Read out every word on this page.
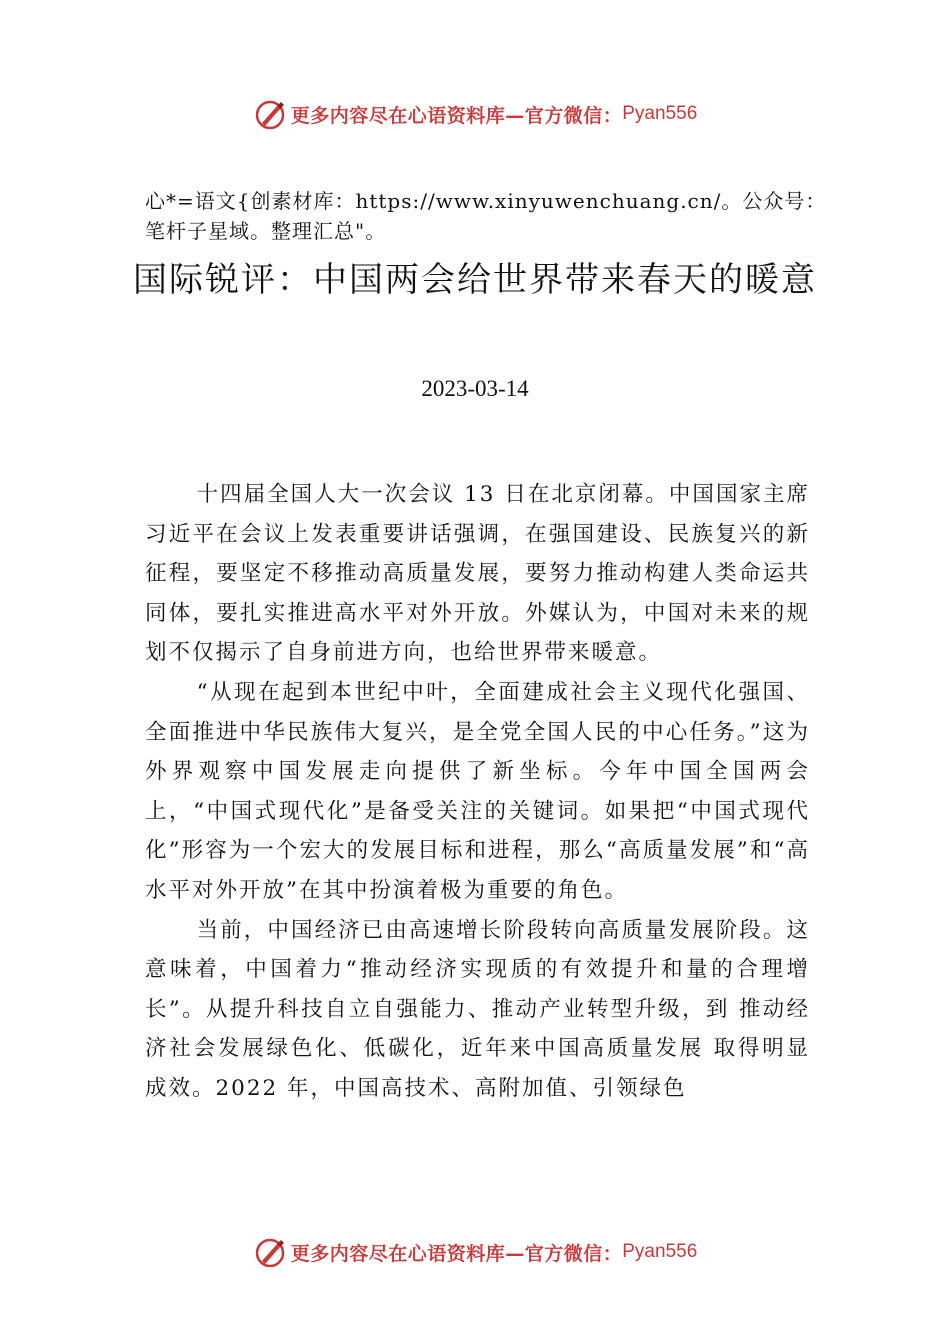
更多内容尽在心语资料库—官方微信： Pyan556
心*=语文{创素材库：https://www.xinyuwenchuang.cn/。公众号：笔杆子星域。整理汇总"。
国际锐评：中国两会给世界带来春天的暖意
2023-03-14

十四届全国人大一次会议 13 日在北京闭幕。中国国家主席习近平在会议上发表重要讲话强调，在强国建设、民族复兴的新征程，要坚定不移推动高质量发展，要努力推动构建人类命运共同体，要扎实推进高水平对外开放。外媒认为，中国对未来的规划不仅揭示了自身前进方向，也给世界带来暖意。

“从现在起到本世纪中叶，全面建成社会主义现代化强国、全面推进中华民族伟大复兴，是全党全国人民的中心任务。”这为外界观察中国发展走向提供了新坐标。今年中国全国两会上，“中国式现代化”是备受关注的关键词。如果把“中国式现代化”形容为一个宏大的发展目标和进程，那么“高质量发展”和“高水平对外开放”在其中扮演着极为重要的角色。

当前，中国经济已由高速增长阶段转向高质量发展阶段。这意味着，中国着力“推动经济实现质的有效提升和量的合理增长”。从提升科技自立自强能力、推动产业转型升级，到 推动经济社会发展绿色化、低碳化，近年来中国高质量发展 取得明显成效。2022 年，中国高技术、高附加值、引领绿色

更多内容尽在心语资料库—官方微信： Pyan556
